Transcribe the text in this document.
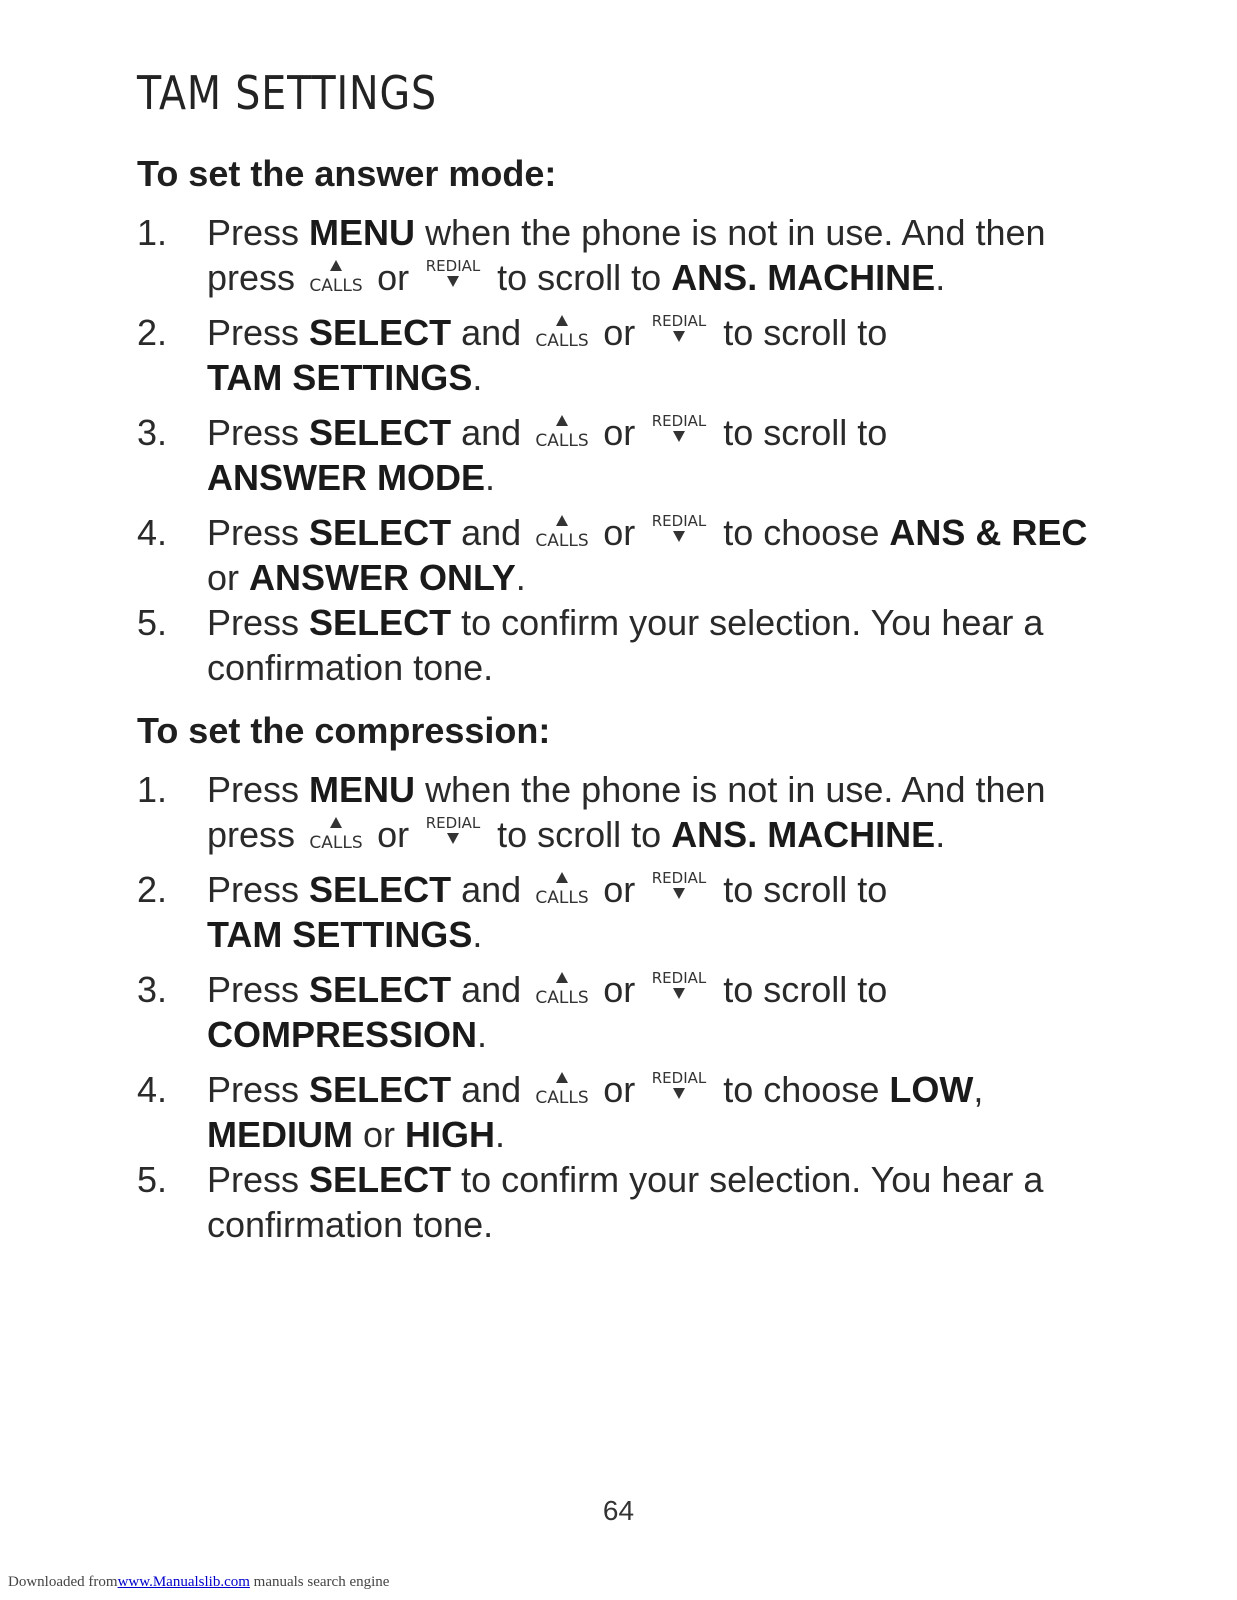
TAM SETTINGS
To set the answer mode:
1. Press MENU when the phone is not in use. And then press CALLS or REDIAL to scroll to ANS. MACHINE.
2. Press SELECT and CALLS or REDIAL to scroll to
TAM SETTINGS.
3. Press SELECT and CALLS or REDIAL to scroll to
ANSWER MODE.
4. Press SELECT and CALLS or REDIAL to choose ANS & REC
or ANSWER ONLY.
5. Press SELECT to confirm your selection. You hear a confirmation tone.
To set the compression:
1. Press MENU when the phone is not in use. And then press CALLS or REDIAL to scroll to ANS. MACHINE.
2. Press SELECT and CALLS or REDIAL to scroll to
TAM SETTINGS.
3. Press SELECT and CALLS or REDIAL to scroll to
COMPRESSION.
4. Press SELECT and CALLS or REDIAL to choose LOW,
MEDIUM or HIGH.
5. Press SELECT to confirm your selection. You hear a confirmation tone.
64
Downloaded fromwww.Manualslib.com manuals search engine
